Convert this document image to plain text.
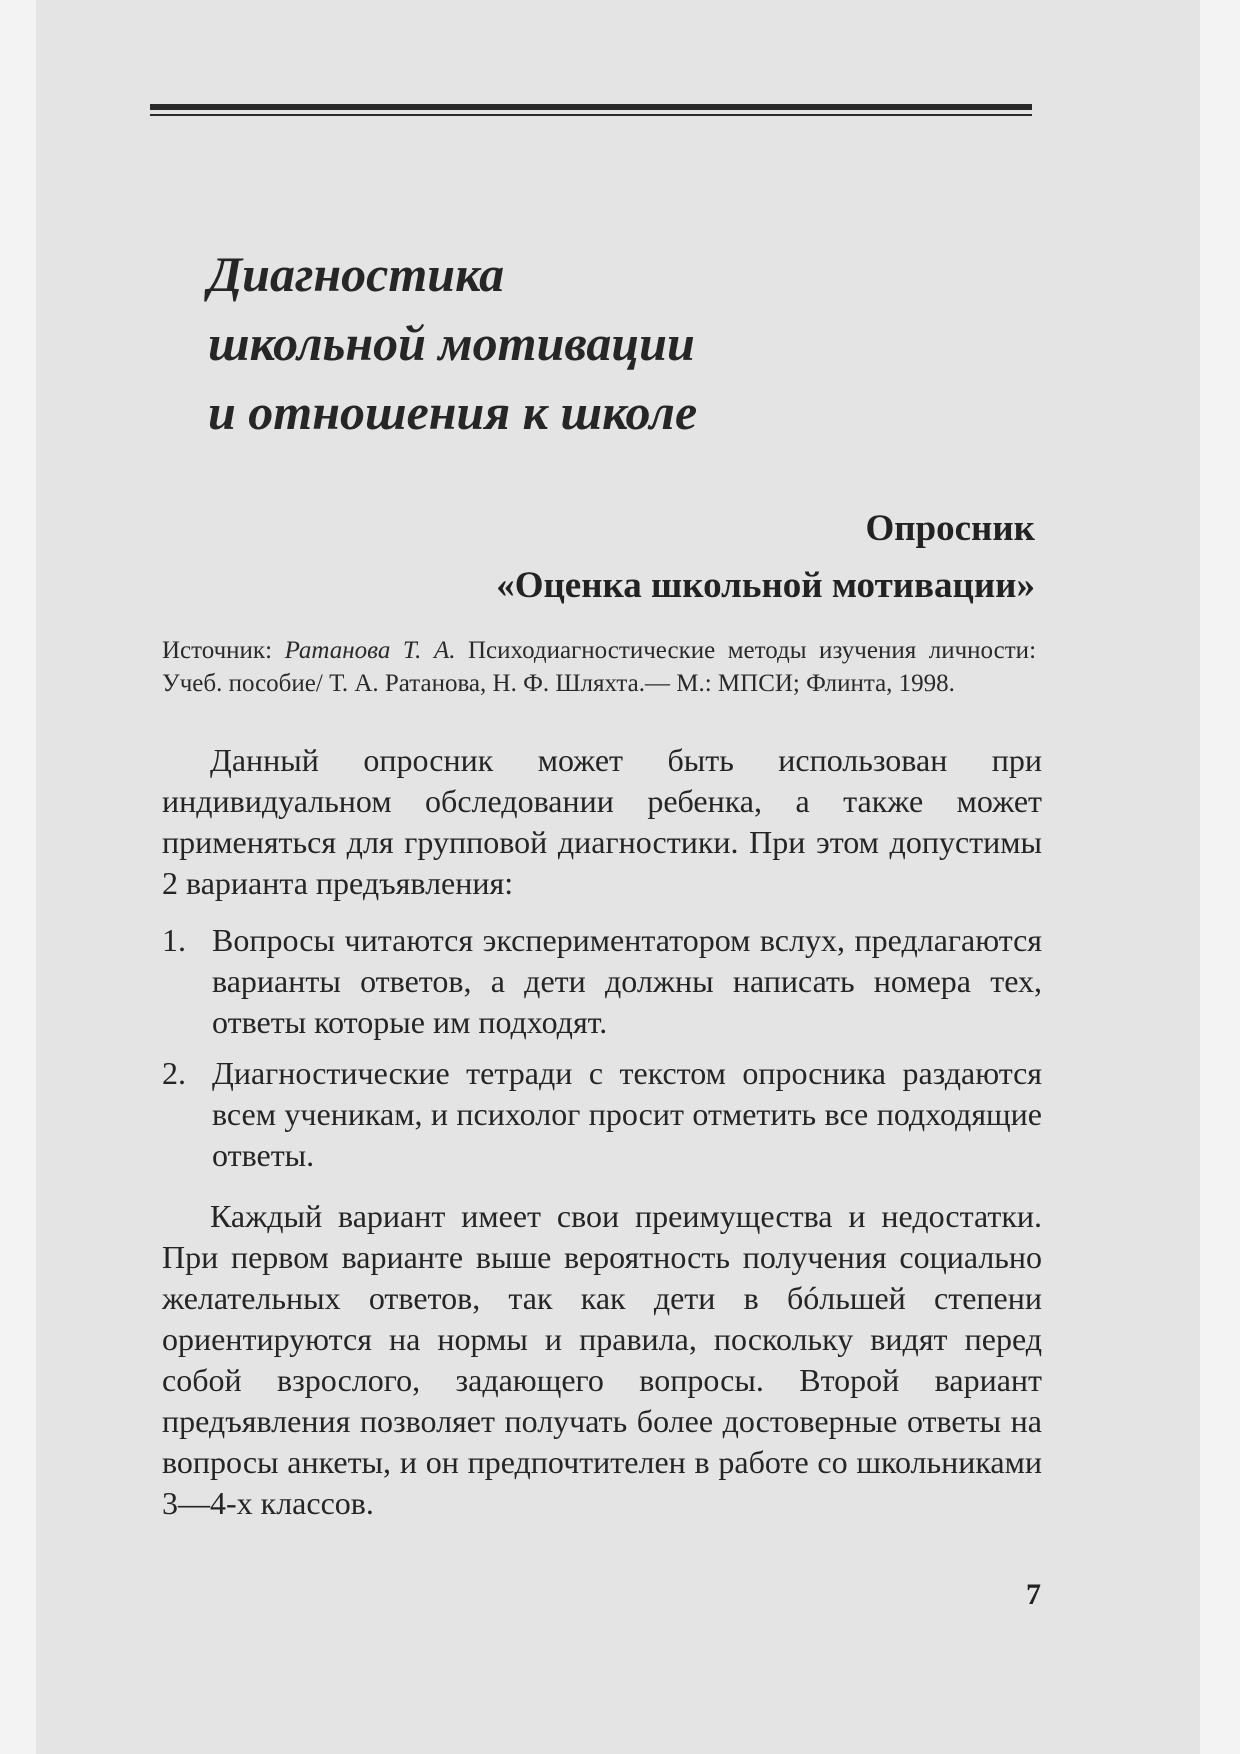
Диагностика
школьной мотивации
и отношения к школе
Опросник
«Оценка школьной мотивации»
Источник: Ратанова Т. А. Психодиагностические методы изучения личности: Учеб. пособие/ Т. А. Ратанова, Н. Ф. Шляхта.— М.: МПСИ; Флинта, 1998.
Данный опросник может быть использован при индивидуальном обследовании ребенка, а также может применяться для групповой диагностики. При этом допустимы 2 варианта предъявления:
1. Вопросы читаются экспериментатором вслух, предлагаются варианты ответов, а дети должны написать номера тех, ответы которые им подходят.
2. Диагностические тетради с текстом опросника раздаются всем ученикам, и психолог просит отметить все подходящие ответы.
Каждый вариант имеет свои преимущества и недостатки. При первом варианте выше вероятность получения социально желательных ответов, так как дети в бóльшей степени ориентируются на нормы и правила, поскольку видят перед собой взрослого, задающего вопросы. Второй вариант предъявления позволяет получать более достоверные ответы на вопросы анкеты, и он предпочтителен в работе со школьниками 3—4-х классов.
7
